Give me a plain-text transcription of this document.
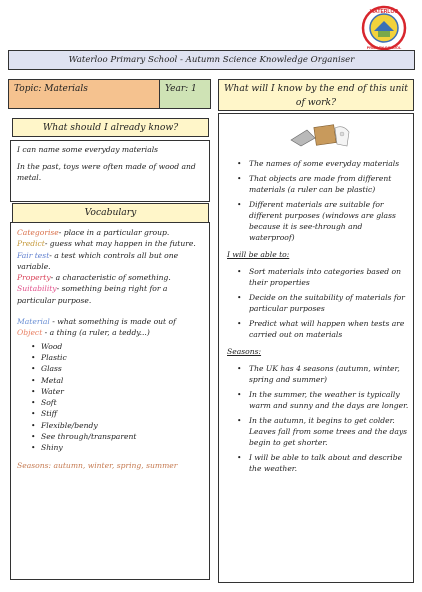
WATERLOO
PRIMARY SCHOOL
Waterloo Primary School - Autumn Science Knowledge Organiser
Topic: Materials	Year: 1	What will I know by the end of this unit of work?
What should I already know?

I can name some everyday materials

In the past, toys were often made of wood and metal.

Vocabulary

Categorise- place in a particular group.

Predict- guess what may happen in the future.

Fair test- a test which controls all but one variable.

Property- a characteristic of something.

Suitability- something being right for a particular purpose.

Material - what something is made out of

Object - a thing (a ruler, a teddy...)

• Wood
• Plastic
• Glass
• Metal
• Water
• Soft
• Stiff
• Flexible/bendy
• See through/transparent
• Shiny

Seasons: autumn, winter, spring, summer

• The names of some everyday materials
• That objects are made from different materials (a ruler can be plastic)
• Different materials are suitable for different purposes (windows are glass because it is see-through and waterproof)
I will be able to:
• Sort materials into categories based on their properties
• Decide on the suitability of materials for particular purposes
• Predict what will happen when tests are carried out on materials
Seasons:
• The UK has 4 seasons (autumn, winter, spring and summer)
• In the summer, the weather is typically warm and sunny and the days are longer.
• In the autumn, it begins to get colder. Leaves fall from some trees and the days begin to get shorter.
• I will be able to talk about and describe the weather.
